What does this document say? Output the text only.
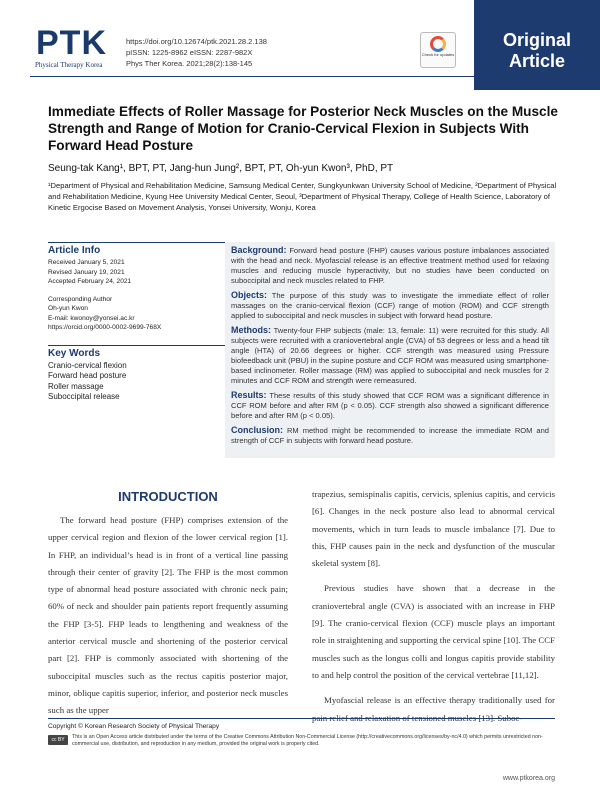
PTK
Physical Therapy Korea
https://doi.org/10.12674/ptk.2021.28.2.138
pISSN: 1225-8962 eISSN: 2287-982X
Phys Ther Korea. 2021;28(2):138-145
Check for updates
Original
Article
Immediate Effects of Roller Massage for Posterior Neck Muscles on the Muscle Strength and Range of Motion for Cranio-Cervical Flexion in Subjects With Forward Head Posture
Seung-tak Kang¹, BPT, PT, Jang-hun Jung², BPT, PT, Oh-yun Kwon³, PhD, PT
¹Department of Physical and Rehabilitation Medicine, Samsung Medical Center, Sungkyunkwan University School of Medicine, ²Department of Physical and Rehabilitation Medicine, Kyung Hee University Medical Center, Seoul, ³Department of Physical Therapy, College of Health Science, Laboratory of Kinetic Ergocise Based on Movement Analysis, Yonsei University, Wonju, Korea
Article Info
Received January 5, 2021
Revised January 19, 2021
Accepted February 24, 2021
Corresponding Author
Oh-yun Kwon
E-mail: kwonoy@yonsei.ac.kr
https://orcid.org/0000-0002-9699-768X
Key Words
Cranio-cervical flexion
Forward head posture
Roller massage
Suboccipital release

Background: Forward head posture (FHP) causes various posture imbalances associated with the head and neck. Myofascial release is an effective treatment method used for relaxing muscles and reducing muscle hyperactivity, but no studies have been conducted on suboccipital and neck muscles related to FHP.

Objects: The purpose of this study was to investigate the immediate effect of roller massages on the cranio-cervical flexion (CCF) range of motion (ROM) and CCF strength applied to suboccipital and neck muscles in subject with forward head posture.

Methods: Twenty-four FHP subjects (male: 13, female: 11) were recruited for this study. All subjects were recruited with a craniovertebral angle (CVA) of 53 degrees or less and a head tilt angle (HTA) of 20.66 degrees or higher. CCF strength was measured using Pressure biofeedback unit (PBU) in the supine posture and CCF ROM was measured using smartphone-based inclinometer. Roller massage (RM) was applied to suboccipital and neck muscles for 2 minutes and CCF ROM and strength were remeasured.

Results: These results of this study showed that CCF ROM was a significant difference in CCF ROM before and after RM (p < 0.05). CCF strength also showed a significant difference before and after RM (p < 0.05).

Conclusion: RM method might be recommended to increase the immediate ROM and strength of CCF in subjects with forward head posture.

INTRODUCTION

The forward head posture (FHP) comprises extension of the upper cervical region and flexion of the lower cervical region [1]. In FHP, an individual’s head is in front of a vertical line passing through their center of gravity [2]. The FHP is the most common type of abnormal head posture associated with chronic neck pain; 60% of neck and shoulder pain patients report frequently assuming the FHP [3-5]. FHP leads to lengthening and weakness of the anterior cervical muscle and shortening of the posterior cervical part [2]. FHP is commonly associated with shortening of the suboccipital muscles such as the rectus capitis posterior major, minor, oblique capitis superior, inferior, and posterior neck muscles such as the upper

trapezius, semispinalis capitis, cervicis, splenius capitis, and cervicis [6]. Changes in the neck posture also lead to abnormal cervical movements, which in turn leads to muscle imbalance [7]. Due to this, FHP causes pain in the neck and dysfunction of the muscular skeletal system [8].

Previous studies have shown that a decrease in the craniovertebral angle (CVA) is associated with an increase in FHP [9]. The cranio-cervical flexion (CCF) muscle plays an important role in straightening and supporting the cervical spine [10]. The CCF muscles such as the longus colli and longus capitis provide stability to and help control the position of the cervical vertebrae [11,12].

Myofascial release is an effective therapy traditionally used for

Copyright © Korean Research Society of Physical Therapy
cc BY NC
This is an Open Access article distributed under the terms of the Creative Commons Attribution Non-Commercial License (http://creativecommons.org/licenses/by-nc/4.0) which permits unrestricted non-commercial use, distribution, and reproduction in any medium, provided the original work is properly cited.
www.ptkorea.org
